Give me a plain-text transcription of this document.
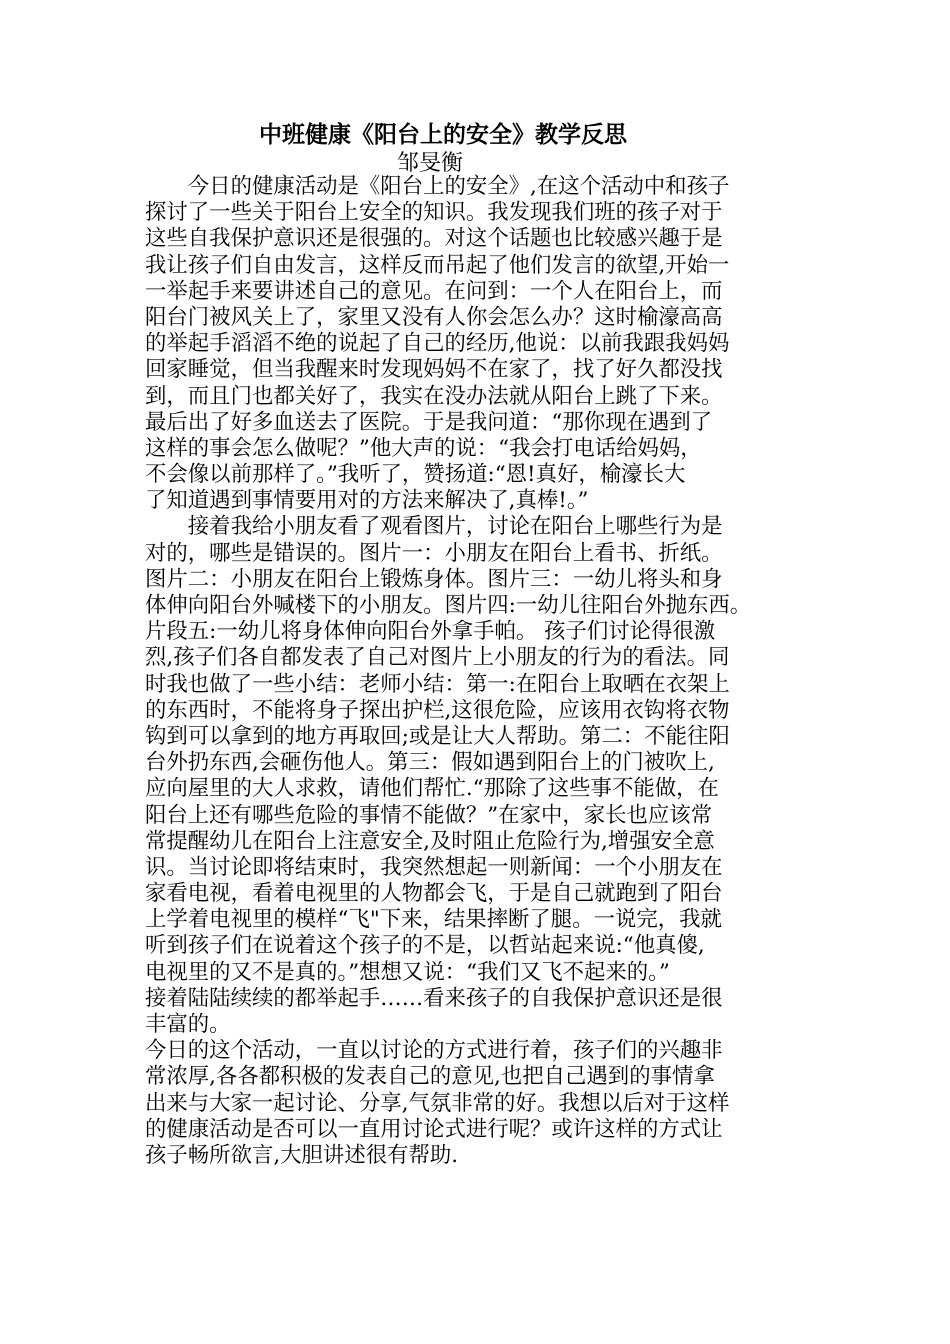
中班健康《阳台上的安全》教学反思
邹旻衡
　　今日的健康活动是《阳台上的安全》,在这个活动中和孩子
探讨了一些关于阳台上安全的知识。我发现我们班的孩子对于
这些自我保护意识还是很强的。对这个话题也比较感兴趣于是
我让孩子们自由发言，这样反而吊起了他们发言的欲望,开始一
一举起手来要讲述自己的意见。在问到：一个人在阳台上，而
阳台门被风关上了，家里又没有人你会怎么办？这时榆濠高高
的举起手滔滔不绝的说起了自己的经历,他说：以前我跟我妈妈
回家睡觉，但当我醒来时发现妈妈不在家了，找了好久都没找
到，而且门也都关好了，我实在没办法就从阳台上跳了下来。
最后出了好多血送去了医院。于是我问道：“那你现在遇到了
这样的事会怎么做呢？”他大声的说：“我会打电话给妈妈，
不会像以前那样了。”我听了，赞扬道:“恩!真好，榆濠长大
了知道遇到事情要用对的方法来解决了,真棒!。”
　　接着我给小朋友看了观看图片，讨论在阳台上哪些行为是
对的，哪些是错误的。图片一：小朋友在阳台上看书、折纸。
图片二：小朋友在阳台上锻炼身体。图片三：一幼儿将头和身
体伸向阳台外喊楼下的小朋友。图片四:一幼儿往阳台外抛东西。
片段五:一幼儿将身体伸向阳台外拿手帕。 孩子们讨论得很激
烈,孩子们各自都发表了自己对图片上小朋友的行为的看法。同
时我也做了一些小结：老师小结：第一:在阳台上取晒在衣架上
的东西时，不能将身子探出护栏,这很危险，应该用衣钩将衣物
钩到可以拿到的地方再取回;或是让大人帮助。第二：不能往阳
台外扔东西,会砸伤他人。第三：假如遇到阳台上的门被吹上,
应向屋里的大人求救，请他们帮忙.“那除了这些事不能做，在
阳台上还有哪些危险的事情不能做？”在家中，家长也应该常
常提醒幼儿在阳台上注意安全,及时阻止危险行为,增强安全意
识。当讨论即将结束时，我突然想起一则新闻：一个小朋友在
家看电视，看着电视里的人物都会飞，于是自己就跑到了阳台
上学着电视里的模样“飞"下来，结果摔断了腿。一说完，我就
听到孩子们在说着这个孩子的不是，以哲站起来说:“他真傻,
电视里的又不是真的。”想想又说：“我们又飞不起来的。”
接着陆陆续续的都举起手……看来孩子的自我保护意识还是很
丰富的。
今日的这个活动，一直以讨论的方式进行着，孩子们的兴趣非
常浓厚,各各都积极的发表自己的意见,也把自己遇到的事情拿
出来与大家一起讨论、分享,气氛非常的好。我想以后对于这样
的健康活动是否可以一直用讨论式进行呢？或许这样的方式让
孩子畅所欲言,大胆讲述很有帮助.
